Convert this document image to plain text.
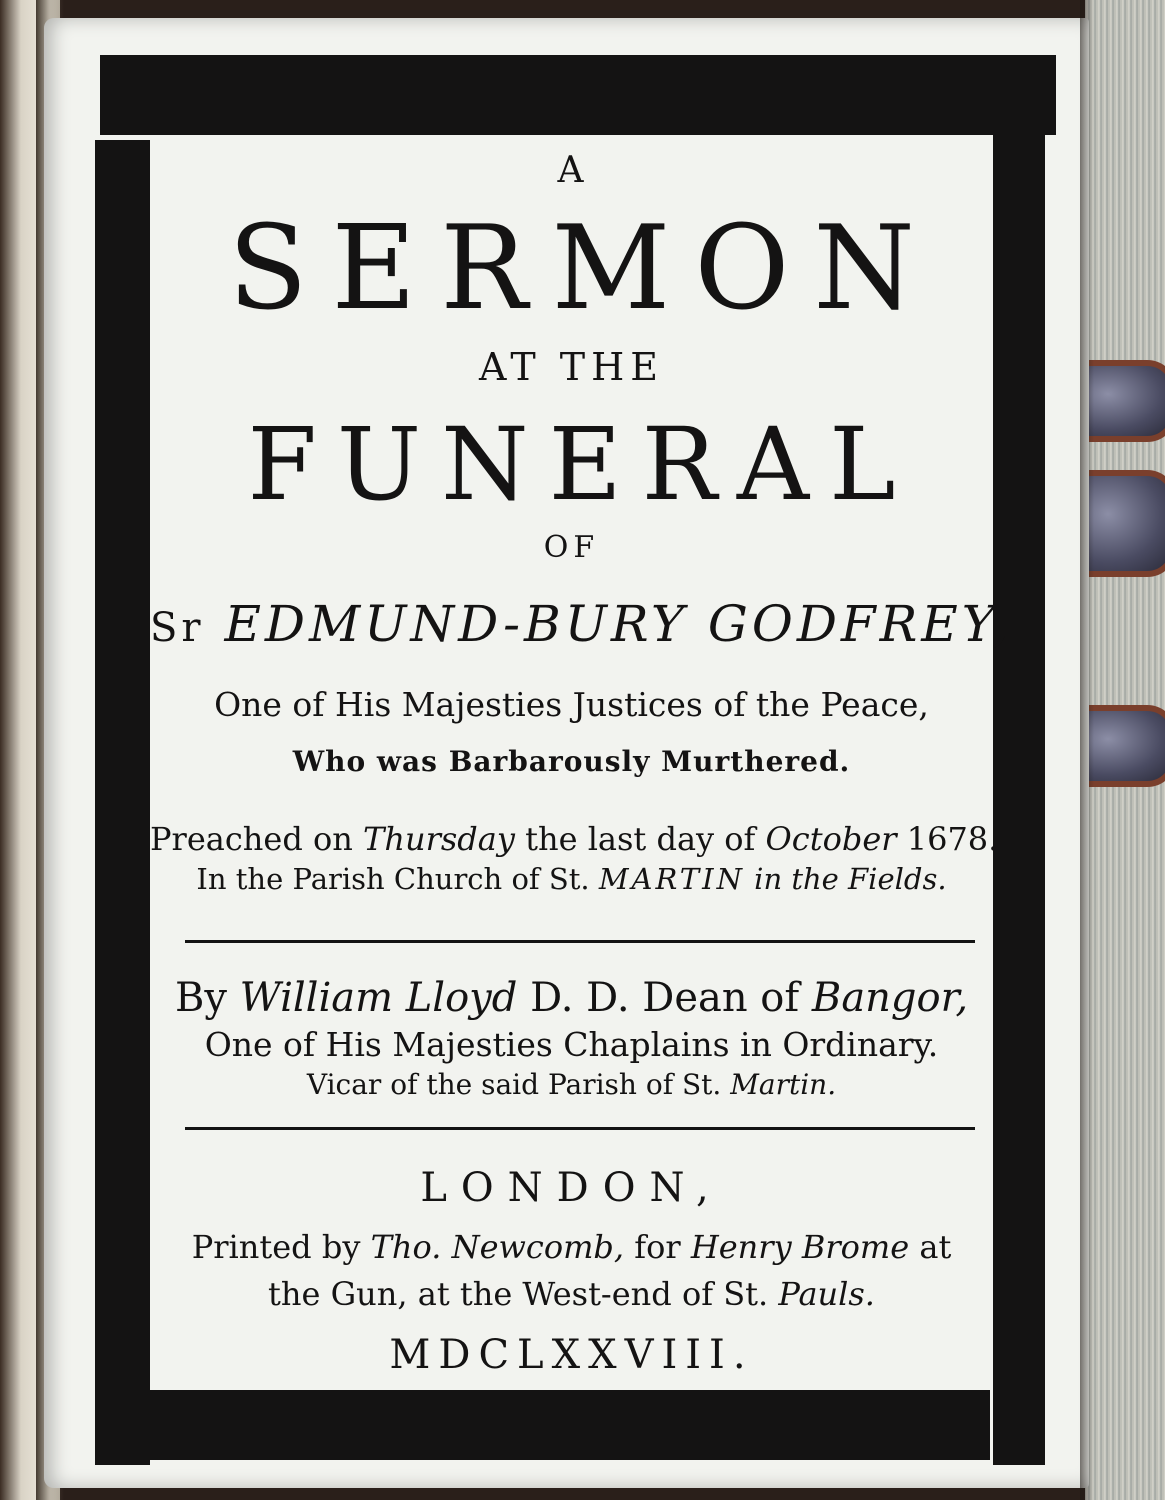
A
SERMON
AT THE
FUNERAL
OF
Sr EDMUND-BURY GODFREY,
One of His Majesties Justices of the Peace,
Who was Barbarously Murthered.
Preached on Thursday the last day of October 1678.
In the Parish Church of St. MARTIN in the Fields.
By William Lloyd D. D. Dean of Bangor,
One of His Majesties Chaplains in Ordinary.
Vicar of the said Parish of St. Martin.
LONDON,
Printed by Tho. Newcomb, for Henry Brome at
the Gun, at the West-end of St. Pauls.
MDCLXXVIII.
